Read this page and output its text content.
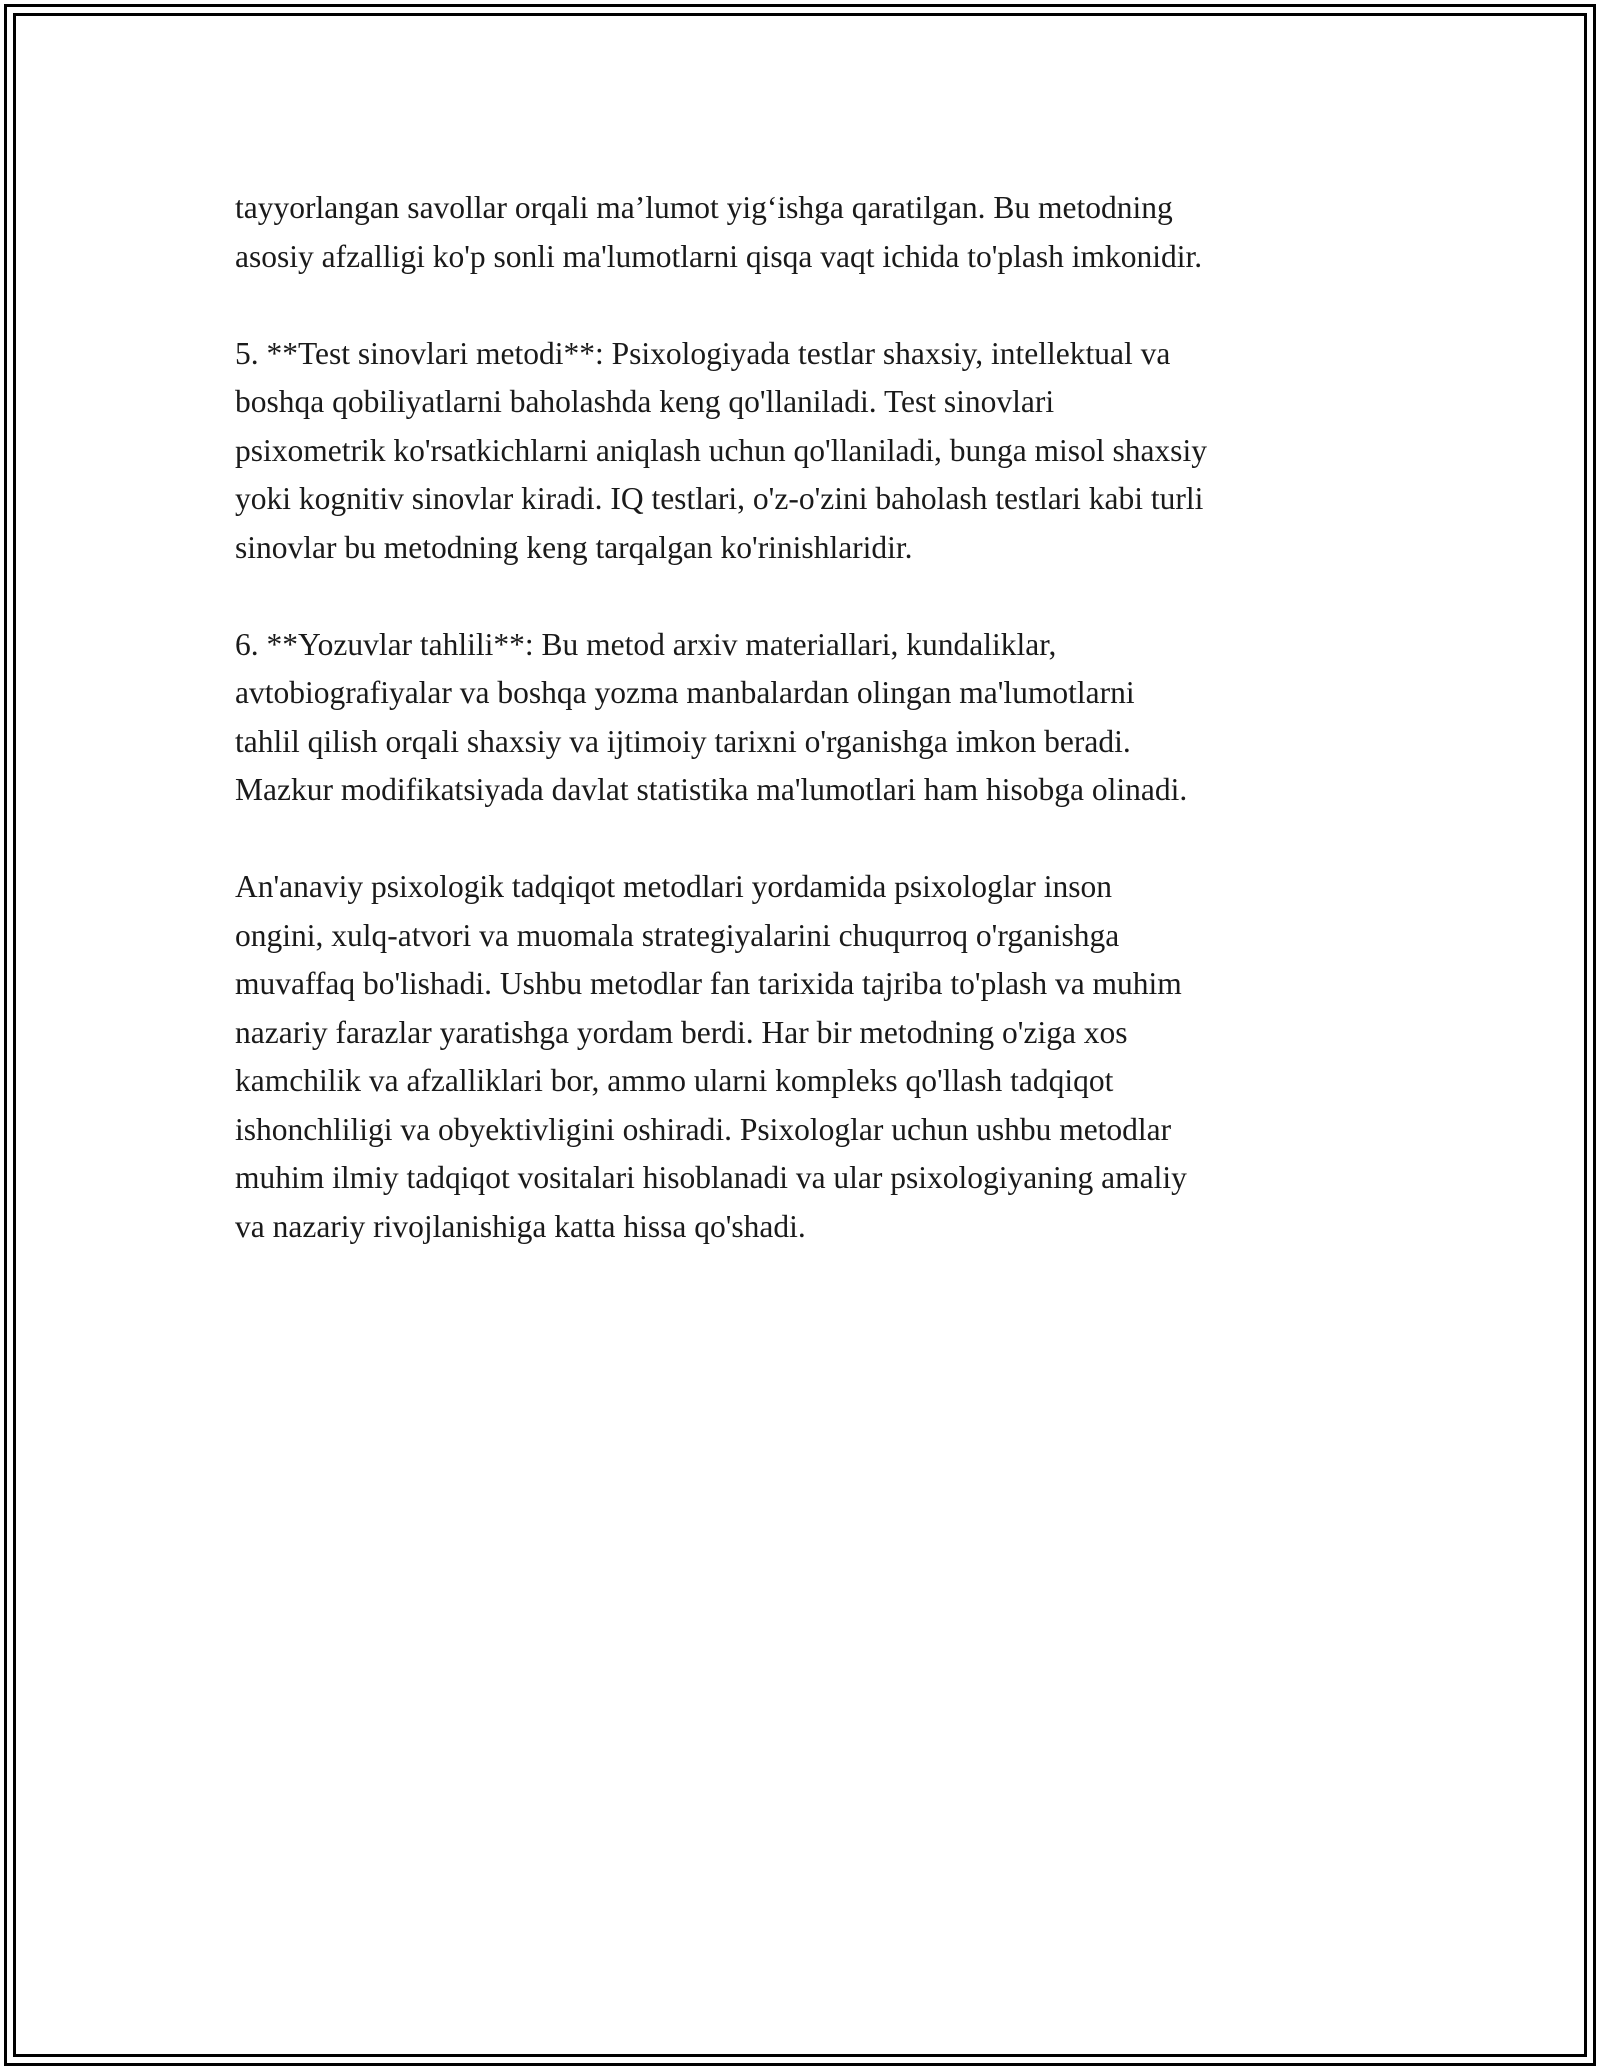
tayyorlangan savollar orqali ma’lumot yig‘ishga qaratilgan. Bu metodning
asosiy afzalligi ko'p sonli ma'lumotlarni qisqa vaqt ichida to'plash imkonidir.

5. **Test sinovlari metodi**: Psixologiyada testlar shaxsiy, intellektual va
boshqa qobiliyatlarni baholashda keng qo'llaniladi. Test sinovlari
psixometrik ko'rsatkichlarni aniqlash uchun qo'llaniladi, bunga misol shaxsiy
yoki kognitiv sinovlar kiradi. IQ testlari, o'z-o'zini baholash testlari kabi turli
sinovlar bu metodning keng tarqalgan ko'rinishlaridir.

6. **Yozuvlar tahlili**: Bu metod arxiv materiallari, kundaliklar,
avtobiografiyalar va boshqa yozma manbalardan olingan ma'lumotlarni
tahlil qilish orqali shaxsiy va ijtimoiy tarixni o'rganishga imkon beradi.
Mazkur modifikatsiyada davlat statistika ma'lumotlari ham hisobga olinadi.

An'anaviy psixologik tadqiqot metodlari yordamida psixologlar inson
ongini, xulq-atvori va muomala strategiyalarini chuqurroq o'rganishga
muvaffaq bo'lishadi. Ushbu metodlar fan tarixida tajriba to'plash va muhim
nazariy farazlar yaratishga yordam berdi. Har bir metodning o'ziga xos
kamchilik va afzalliklari bor, ammo ularni kompleks qo'llash tadqiqot
ishonchliligi va obyektivligini oshiradi. Psixologlar uchun ushbu metodlar
muhim ilmiy tadqiqot vositalari hisoblanadi va ular psixologiyaning amaliy
va nazariy rivojlanishiga katta hissa qo'shadi.
